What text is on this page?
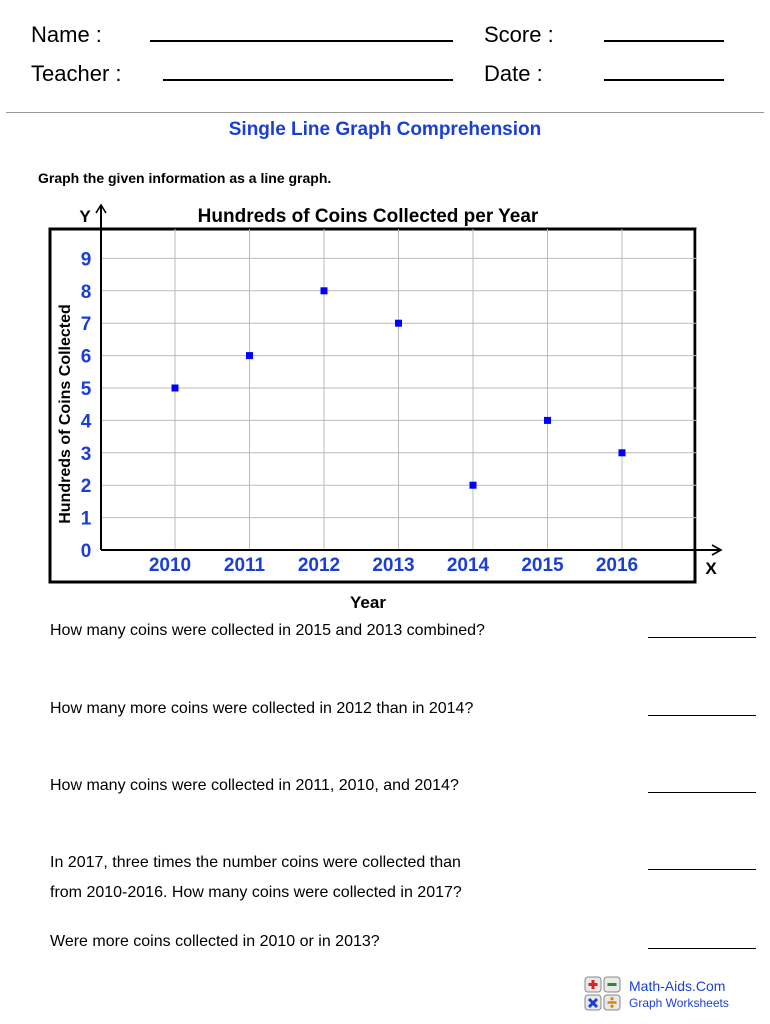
Name :
Teacher :
Score :
Date :
Single Line Graph Comprehension
Graph the given information as a line graph.
Hundreds of Coins Collected per Year
Y
X
Hundreds of Coins Collected
Year
0
1
2
3
4
5
6
7
8
9
2010 2011 2012 2013 2014 2015 2016
How many coins were collected in 2015 and 2013 combined?
How many more coins were collected in 2012 than in 2014?
How many coins were collected in 2011, 2010, and 2014?
In 2017, three times the number coins were collected than
from 2010-2016. How many coins were collected in 2017?
Were more coins collected in 2010 or in 2013?
Math-Aids.Com
Graph Worksheets
